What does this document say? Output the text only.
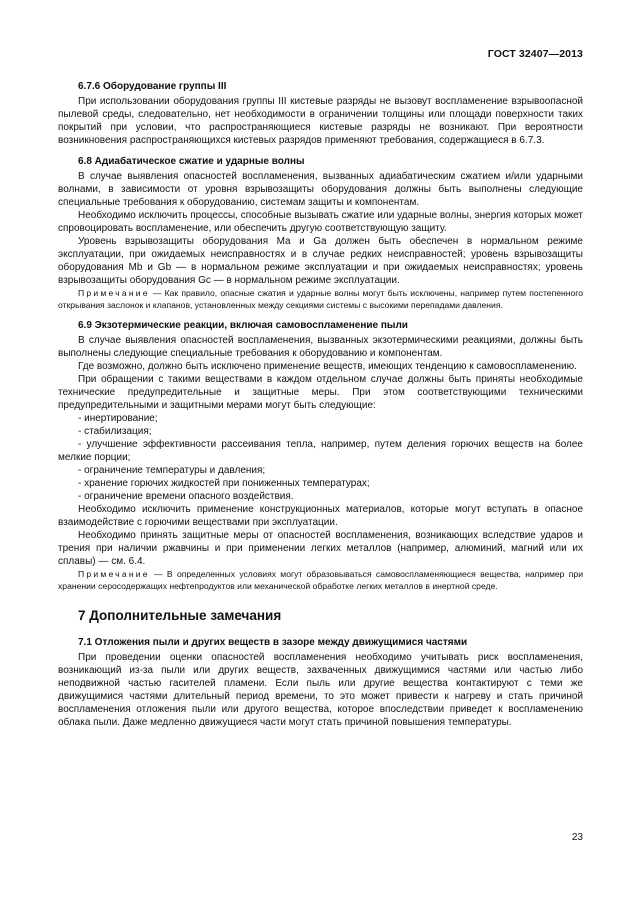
ГОСТ 32407—2013
6.7.6 Оборудование группы III

При использовании оборудования группы III кистевые разряды не вызовут воспламенение взрывоопасной пылевой среды, следовательно, нет необходимости в ограничении толщины или площади поверхности таких покрытий при условии, что распространяющиеся кистевые разряды не возникают. При вероятности возникновения распространяющихся кистевых разрядов применяют требования, содержащиеся в 6.7.3.

6.8 Адиабатическое сжатие и ударные волны

В случае выявления опасностей воспламенения, вызванных адиабатическим сжатием и/или ударными волнами, в зависимости от уровня взрывозащиты оборудования должны быть выполнены следующие специальные требования к оборудованию, системам защиты и компонентам.

Необходимо исключить процессы, способные вызывать сжатие или ударные волны, энергия которых может спровоцировать воспламенение, или обеспечить другую соответствующую защиту.

Уровень взрывозащиты оборудования Ma и Ga должен быть обеспечен в нормальном режиме эксплуатации, при ожидаемых неисправностях и в случае редких неисправностей; уровень взрывозащиты оборудования Mb и Gb — в нормальном режиме эксплуатации и при ожидаемых неисправностях; уровень взрывозащиты оборудования Gc — в нормальном режиме эксплуатации.

Примечание — Как правило, опасные сжатия и ударные волны могут быть исключены, например путем постепенного открывания заслонок и клапанов, установленных между секциями системы с высокими перепадами давления.

6.9 Экзотермические реакции, включая самовоспламенение пыли

В случае выявления опасностей воспламенения, вызванных экзотермическими реакциями, должны быть выполнены следующие специальные требования к оборудованию и компонентам.

Где возможно, должно быть исключено применение веществ, имеющих тенденцию к самовоспламенению.

При обращении с такими веществами в каждом отдельном случае должны быть приняты необходимые технические предупредительные и защитные меры. При этом соответствующими техническими предупредительными и защитными мерами могут быть следующие:

- инертирование;

- стабилизация;

- улучшение эффективности рассеивания тепла, например, путем деления горючих веществ на более мелкие порции;

- ограничение температуры и давления;

- хранение горючих жидкостей при пониженных температурах;

- ограничение времени опасного воздействия.

Необходимо исключить применение конструкционных материалов, которые могут вступать в опасное взаимодействие с горючими веществами при эксплуатации.

Необходимо принять защитные меры от опасностей воспламенения, возникающих вследствие ударов и трения при наличии ржавчины и при применении легких металлов (например, алюминий, магний или их сплавы) — см. 6.4.

Примечание — В определенных условиях могут образовываться самовоспламеняющиеся вещества, например при хранении серосодержащих нефтепродуктов или механической обработке легких металлов в инертной среде.

7 Дополнительные замечания
7.1 Отложения пыли и других веществ в зазоре между движущимися частями

При проведении оценки опасностей воспламенения необходимо учитывать риск воспламенения, возникающий из-за пыли или других веществ, захваченных движущимися частями или частью либо неподвижной частью гасителей пламени. Если пыль или другие вещества контактируют с теми же движущимися частями длительный период времени, то это может привести к нагреву и стать причиной воспламенения отложения пыли или другого вещества, которое впоследствии приведет к воспламенению облака пыли. Даже медленно движущиеся части могут стать причиной повышения температуры.

23
